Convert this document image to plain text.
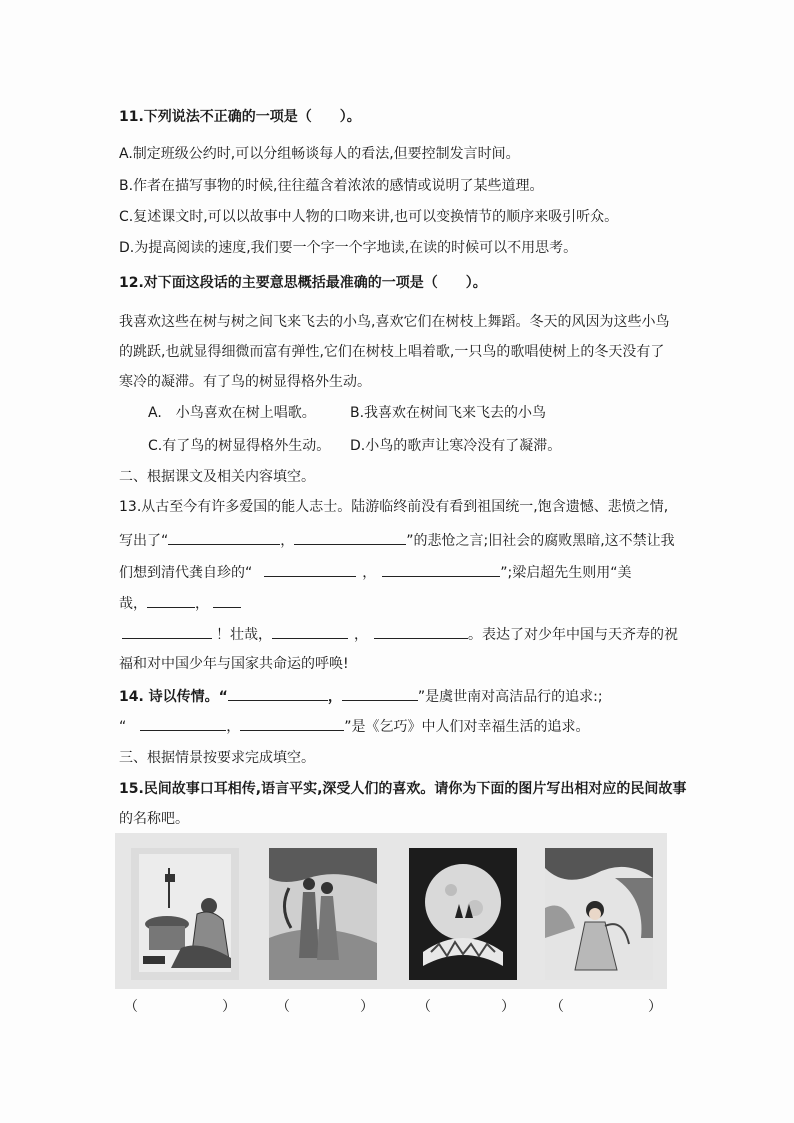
11.下列说法不正确的一项是（　　）。
A.制定班级公约时,可以分组畅谈每人的看法,但要控制发言时间。
B.作者在描写事物的时候,往往蕴含着浓浓的感情或说明了某些道理。
C.复述课文时,可以以故事中人物的口吻来讲,也可以变换情节的顺序来吸引听众。
D.为提高阅读的速度,我们要一个字一个字地读,在读的时候可以不用思考。
12.对下面这段话的主要意思概括最准确的一项是（　　）。
我喜欢这些在树与树之间飞来飞去的小鸟,喜欢它们在树枝上舞蹈。冬天的风因为这些小鸟
的跳跃,也就显得细微而富有弹性,它们在树枝上唱着歌,一只鸟的歌唱使树上的冬天没有了
寒冷的凝滞。有了鸟的树显得格外生动。
A.　小鸟喜欢在树上唱歌。 B.我喜欢在树间飞来飞去的小鸟
C.有了鸟的树显得格外生动。 D.小鸟的歌声让寒冷没有了凝滞。
二、根据课文及相关内容填空。
13.从古至今有许多爱国的能人志士。陆游临终前没有看到祖国统一,饱含遗憾、悲愤之情,
写出了“	，	”的悲怆之言;旧社会的腐败黑暗,这不禁让我
们想到清代龚自珍的“	，	”;梁启超先生则用“美
哉，	，
！壮哉，	，	。表达了对少年中国与天齐寿的祝
福和对中国少年与国家共命运的呼唤!
14. 诗以传情。“	，	”是虞世南对高洁品行的追求:;
“	，	”是《乞巧》中人们对幸福生活的追求。
三、根据情景按要求完成填空。
15.民间故事口耳相传,语言平实,深受人们的喜欢。请你为下面的图片写出相对应的民间故事
的名称吧。
（　　　　　　）	（　　　　　）	（　　　　　）	（　　　　　　）
